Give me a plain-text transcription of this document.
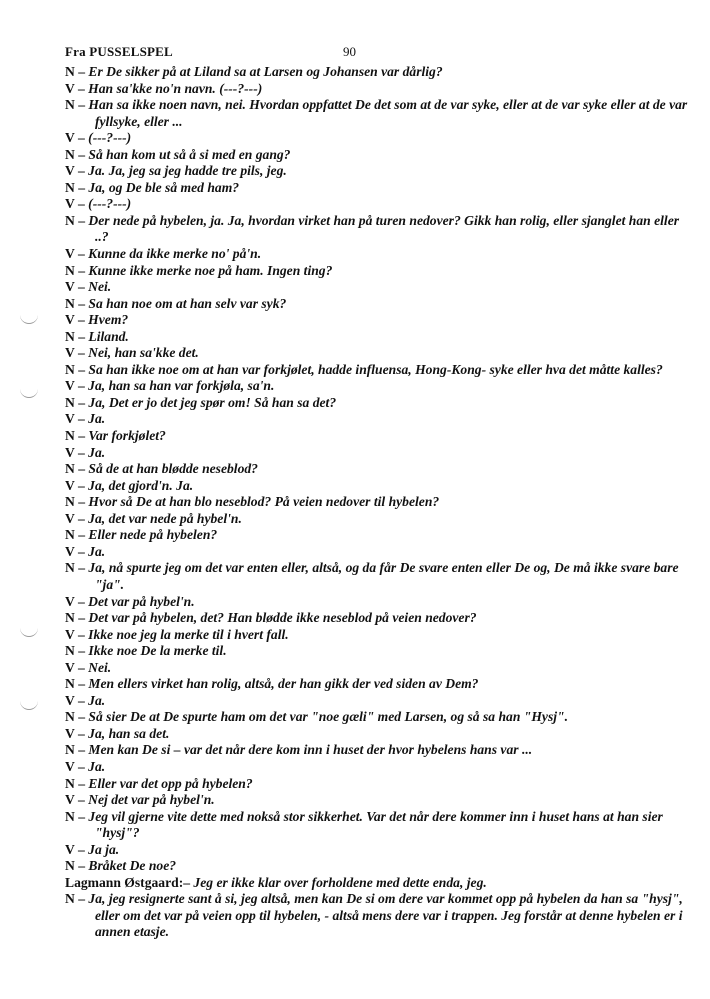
Fra PUSSELSPEL	90
N – Er De sikker på at Liland sa at Larsen og Johansen var dårlig?
V – Han sa'kke no'n navn. (---?---)
N – Han sa ikke noen navn, nei. Hvordan oppfattet De det som at de var syke, eller at de var syke eller at de var fyllsyke, eller ...
V – (---?---)
N – Så han kom ut så å si med en gang?
V – Ja. Ja, jeg sa jeg hadde tre pils, jeg.
N – Ja, og De ble så med ham?
V – (---?---)
N – Der nede på hybelen, ja. Ja, hvordan virket han på turen nedover? Gikk han rolig, eller sjanglet han eller ..?
V – Kunne da ikke merke no' på'n.
N – Kunne ikke merke noe på ham. Ingen ting?
V – Nei.
N – Sa han noe om at han selv var syk?
V – Hvem?
N – Liland.
V – Nei, han sa'kke det.
N – Sa han ikke noe om at han var forkjølet, hadde influensa, Hong-Kong- syke eller hva det måtte kalles?
V – Ja, han sa han var forkjøla, sa'n.
N – Ja, Det er jo det jeg spør om! Så han sa det?
V – Ja.
N – Var forkjølet?
V – Ja.
N – Så de at han blødde neseblod?
V – Ja, det gjord'n. Ja.
N – Hvor så De at han blo neseblod? På veien nedover til hybelen?
V – Ja, det var nede på hybel'n.
N – Eller nede på hybelen?
V – Ja.
N – Ja, nå spurte jeg om det var enten eller, altså, og da får De svare enten eller De og, De må ikke svare bare "ja".
V – Det var på hybel'n.
N – Det var på hybelen, det? Han blødde ikke neseblod på veien nedover?
V – Ikke noe jeg la merke til i hvert fall.
N – Ikke noe De la merke til.
V – Nei.
N – Men ellers virket han rolig, altså, der han gikk der ved siden av Dem?
V – Ja.
N – Så sier De at De spurte ham om det var "noe gæli" med Larsen, og så sa han "Hysj".
V – Ja, han sa det.
N – Men kan De si – var det når dere kom inn i huset der hvor hybelens hans var ...
V – Ja.
N – Eller var det opp på hybelen?
V – Nej det var på hybel'n.
N – Jeg vil gjerne vite dette med nokså stor sikkerhet. Var det når dere kommer inn i huset hans at han sier "hysj"?
V – Ja ja.
N – Bråket De noe?
Lagmann Østgaard:– Jeg er ikke klar over forholdene med dette enda, jeg.
N – Ja, jeg resignerte sant å si, jeg altså, men kan De si om dere var kommet opp på hybelen da han sa "hysj", eller om det var på veien opp til hybelen, - altså mens dere var i trappen. Jeg forstår at denne hybelen er i annen etasje.
